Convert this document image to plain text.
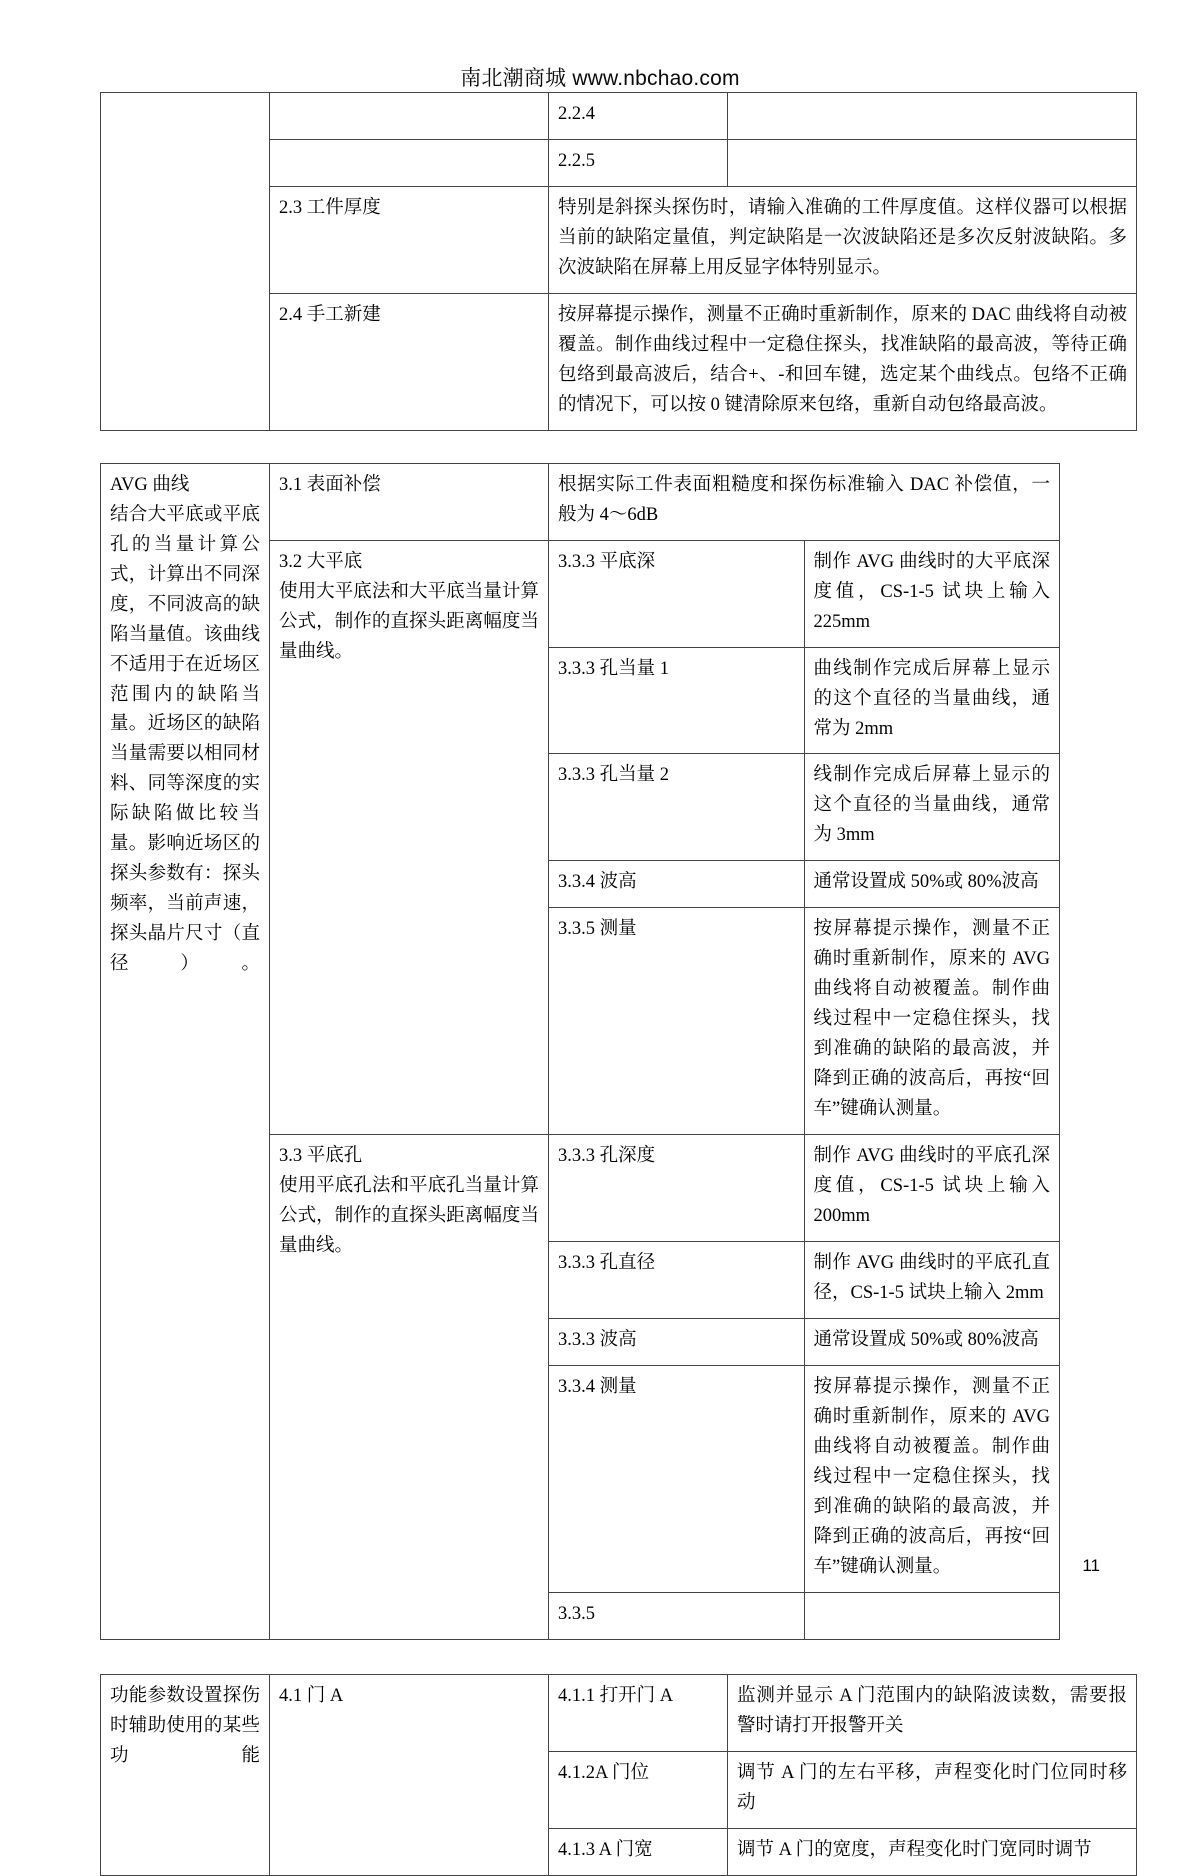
南北潮商城 www.nbchao.com
		2.2.4	
		2.2.5	
	2.3 工件厚度	特别是斜探头探伤时，请输入准确的工件厚度值。这样仪器可以根据当前的缺陷定量值，判定缺陷是一次波缺陷还是多次反射波缺陷。多次波缺陷在屏幕上用反显字体特别显示。	
	2.4 手工新建	按屏幕提示操作，测量不正确时重新制作，原来的 DAC 曲线将自动被覆盖。制作曲线过程中一定稳住探头，找准缺陷的最高波，等待正确包络到最高波后，结合+、-和回车键，选定某个曲线点。包络不正确的情况下，可以按 0 键清除原来包络，重新自动包络最高波。	
AVG 曲线
结合大平底或平底孔的当量计算公式，计算出不同深度，不同波高的缺陷当量值。该曲线不适用于在近场区范围内的缺陷当量。近场区的缺陷当量需要以相同材料、同等深度的实际缺陷做比较当量。影响近场区的探头参数有：探头频率，当前声速，探头晶片尺寸（直径）。	3.1 表面补偿	根据实际工件表面粗糙度和探伤标准输入 DAC 补偿值，一般为 4～6dB	

	3.2 大平底
使用大平底法和大平底当量计算公式，制作的直探头距离幅度当量曲线。	3.3.3 平底深	制作 AVG 曲线时的大平底深度值，CS-1-5 试块上输入 225mm
		3.3.3 孔当量 1	曲线制作完成后屏幕上显示的这个直径的当量曲线，通常为 2mm
		3.3.3 孔当量 2	线制作完成后屏幕上显示的这个直径的当量曲线，通常为 3mm
		3.3.4 波高	通常设置成 50%或 80%波高
		3.3.5 测量	按屏幕提示操作，测量不正确时重新制作，原来的 AVG 曲线将自动被覆盖。制作曲线过程中一定稳住探头，找到准确的缺陷的最高波，并降到正确的波高后，再按“回车”键确认测量。

	3.3 平底孔
使用平底孔法和平底孔当量计算公式，制作的直探头距离幅度当量曲线。	3.3.3 孔深度	制作 AVG 曲线时的平底孔深度值，CS-1-5 试块上输入 200mm
		3.3.3 孔直径	制作 AVG 曲线时的平底孔直径，CS-1-5 试块上输入 2mm
		3.3.3 波高	通常设置成 50%或 80%波高
		3.3.4 测量	按屏幕提示操作，测量不正确时重新制作，原来的 AVG 曲线将自动被覆盖。制作曲线过程中一定稳住探头，找到准确的缺陷的最高波，并降到正确的波高后，再按“回车”键确认测量。
		3.3.5	
功能参数设置探伤时辅助使用的某些功能	4.1 门 A	4.1.1 打开门 A	监测并显示 A 门范围内的缺陷波读数，需要报警时请打开报警开关
		4.1.2A 门位	调节 A 门的左右平移，声程变化时门位同时移动
		4.1.3 A 门宽	调节 A 门的宽度，声程变化时门宽同时调节
11
